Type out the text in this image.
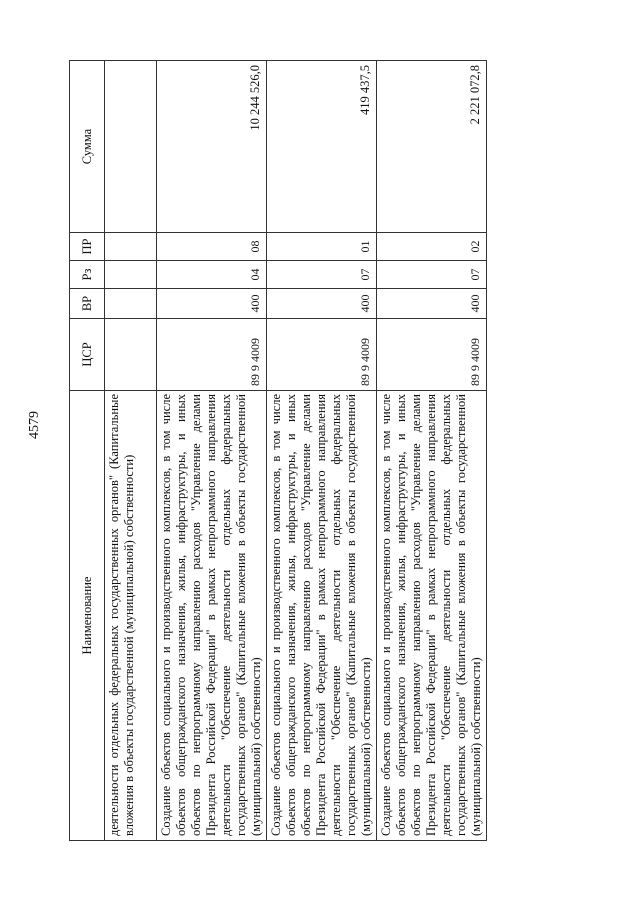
4579
Наименование	ЦСР	ВР	Рз	ПР	Сумма
деятельности отдельных федеральных государственных органов" (Капитальные вложения в объекты государственной (муниципальной) собственности)					
Создание объектов социального и производственного комплексов, в том числе объектов общегражданского назначения, жилья, инфраструктуры, и иных объектов по непрограммному направлению расходов "Управление делами Президента Российской Федерации" в рамках непрограммного направления деятельности "Обеспечение деятельности отдельных федеральных государственных органов" (Капитальные вложения в объекты государственной (муниципальной) собственности)	89 9 4009	400	04	08	10 244 526,0
Создание объектов социального и производственного комплексов, в том числе объектов общегражданского назначения, жилья, инфраструктуры, и иных объектов по непрограммному направлению расходов "Управление делами Президента Российской Федерации" в рамках непрограммного направления деятельности "Обеспечение деятельности отдельных федеральных государственных органов" (Капитальные вложения в объекты государственной (муниципальной) собственности)	89 9 4009	400	07	01	419 437,5
Создание объектов социального и производственного комплексов, в том числе объектов общегражданского назначения, жилья, инфраструктуры, и иных объектов по непрограммному направлению расходов "Управление делами Президента Российской Федерации" в рамках непрограммного направления деятельности "Обеспечение деятельности отдельных федеральных государственных органов" (Капитальные вложения в объекты государственной (муниципальной) собственности)	89 9 4009	400	07	02	2 221 072,8
